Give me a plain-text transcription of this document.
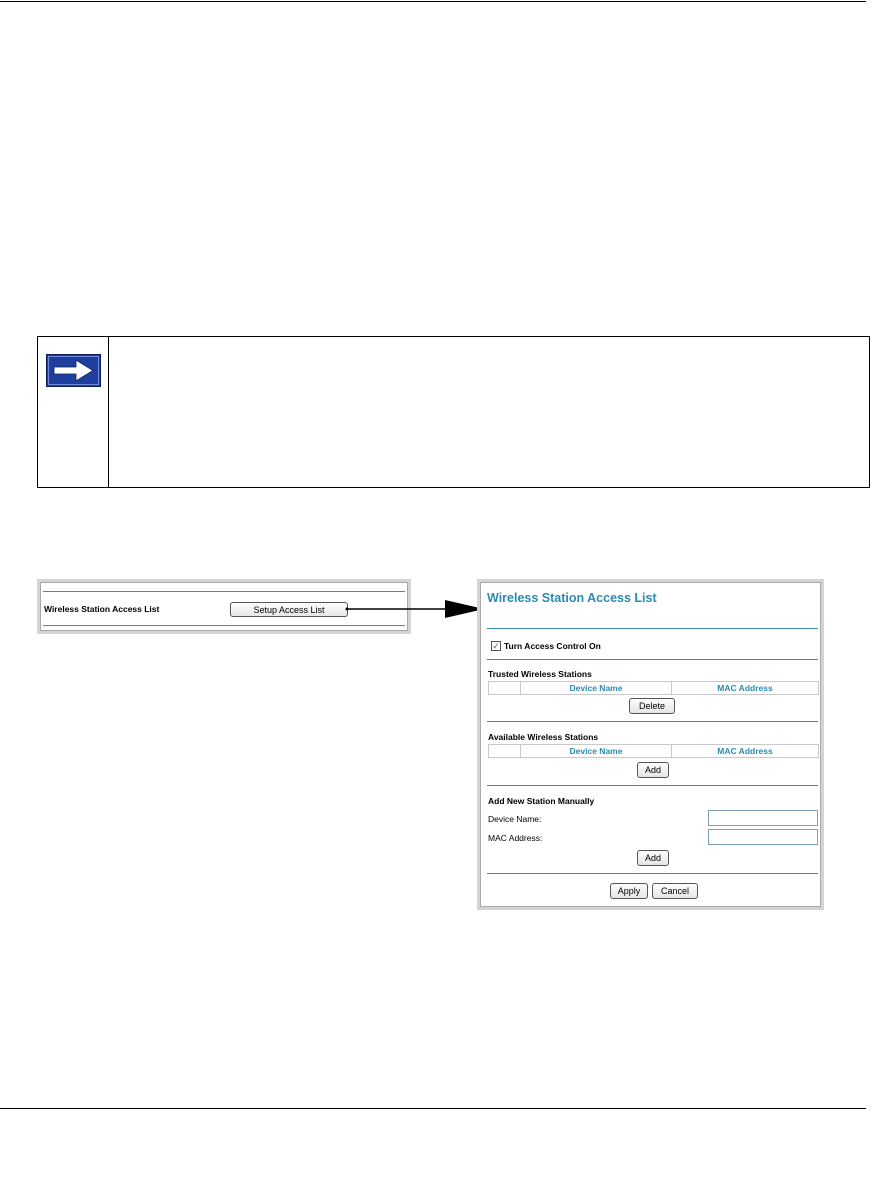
Wireless Station Access List	Setup Access List
Wireless Station Access List
✓ Turn Access Control On
Trusted Wireless Stations
	Device Name	MAC Address
Delete
Available Wireless Stations
	Device Name	MAC Address
Add
Add New Station Manually
Device Name:
MAC Address:
Add
Apply	Cancel
